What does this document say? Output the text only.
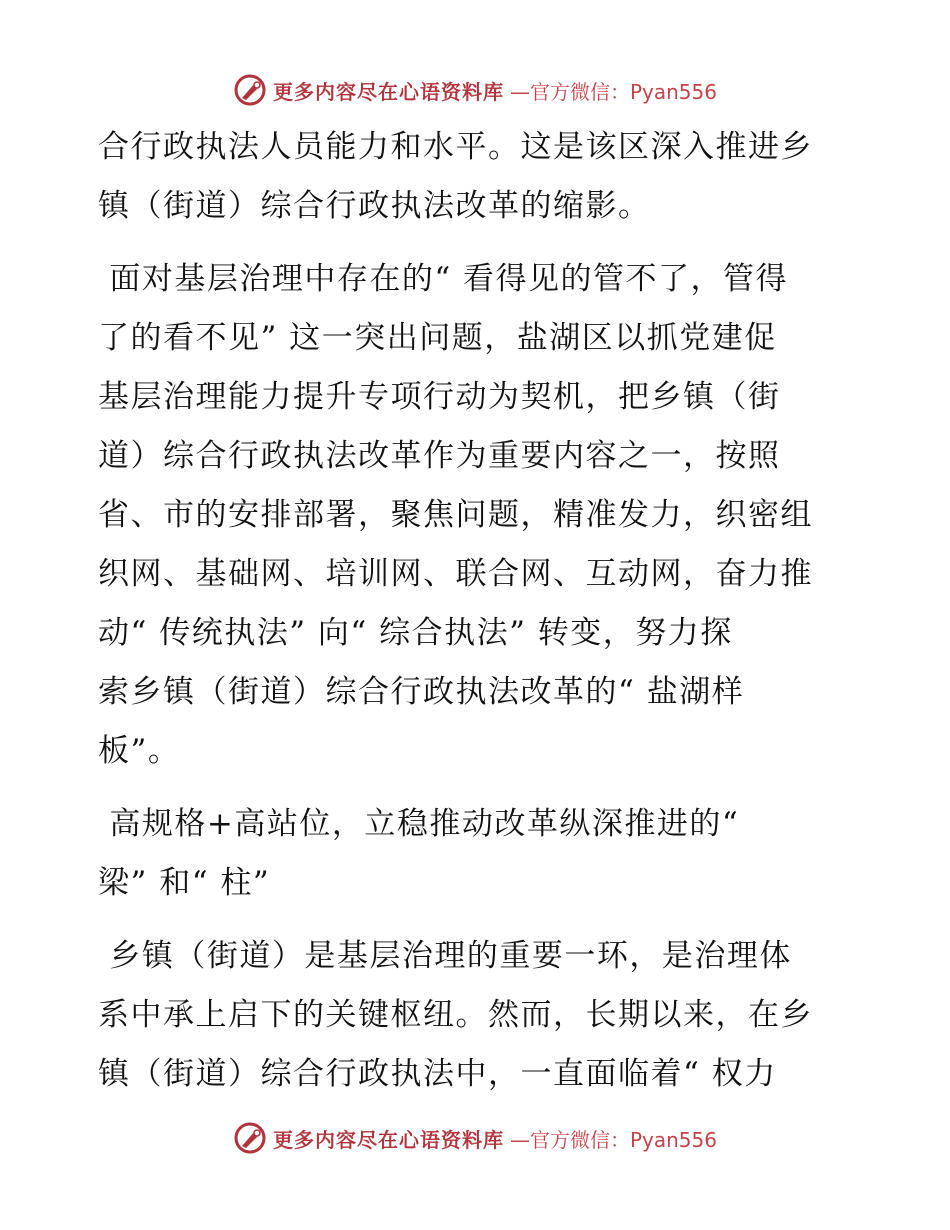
更多内容尽在心语资料库 —官方微信：Pyan556

合行政执法人员能力和水平。这是该区深入推进乡
镇（街道）综合行政执法改革的缩影。

面对基层治理中存在的“ 看得见的管不了，管得
了的看不见” 这一突出问题，盐湖区以抓党建促
基层治理能力提升专项行动为契机，把乡镇（街
道）综合行政执法改革作为重要内容之一，按照
省、市的安排部署，聚焦问题，精准发力，织密组
织网、基础网、培训网、联合网、互动网，奋力推
动“ 传统执法” 向“ 综合执法” 转变，努力探
索乡镇（街道）综合行政执法改革的“ 盐湖样
板”。

高规格+高站位，立稳推动改革纵深推进的“
梁” 和“ 柱”

乡镇（街道）是基层治理的重要一环，是治理体
系中承上启下的关键枢纽。然而，长期以来，在乡
镇（街道）综合行政执法中，一直面临着“ 权力

更多内容尽在心语资料库 —官方微信：Pyan556
